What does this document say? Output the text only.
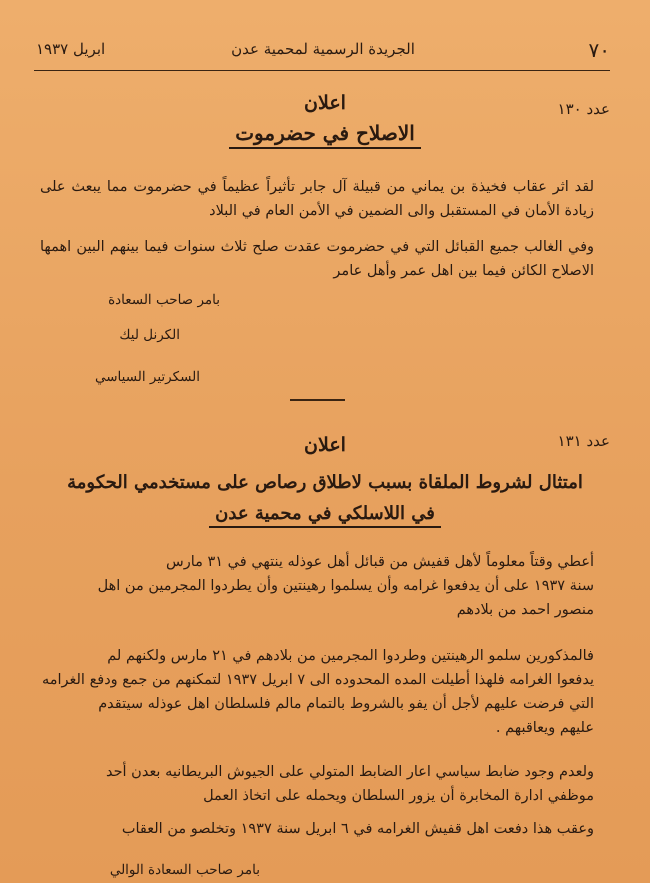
٧٠
الجريدة الرسمية لمحمية عدن
ابريل ١٩٣٧
عدد ١٣٠
اعلان
الاصلاح في حضرموت
لقد اثر عقاب فخيذة بن يماني من قبيلة آل جابر تأثيراً عظيماً في حضرموت مما يبعث على زيادة الأمان في المستقبل والى الضمين في الأمن العام في البلاد
وفي الغالب جميع القبائل التي في حضرموت عقدت صلح ثلاث سنوات فيما بينهم البين اهمها الاصلاح الكائن فيما بين اهل عمر وأهل عامر
بامر صاحب السعادة
الكرنل ليك
السكرتير السياسي
عدد ١٣١
اعلان
امتثال لشروط الملقاة بسبب لاطلاق رصاص على مستخدمي الحكومة
في اللاسلكي في محمية عدن
أعطي وقتاً معلوماً لأهل قفيش من قبائل أهل عوذله ينتهي في ٣١ مارس
سنة ١٩٣٧ على أن يدفعوا غرامه وأن يسلموا رهينتين وأن يطردوا المجرمين من اهل
منصور احمد من بلادهم
فالمذكورين سلمو الرهينتين وطردوا المجرمين من بلادهم في ٢١ مارس ولكنهم لم
يدفعوا الغرامه فلهذا أطيلت المده المحدوده الى ٧ ابريل ١٩٣٧ لتمكنهم من جمع ودفع الغرامه
التي فرضت عليهم لأجل أن يفو بالشروط بالتمام مالم فلسلطان اهل عوذله سيتقدم
عليهم ويعاقبهم .
ولعدم وجود ضابط سياسي اعار الضابط المتولي على الجيوش البريطانيه بعدن أحد
موظفي ادارة المخابرة أن يزور السلطان ويحمله على اتخاذ العمل
وعقب هذا دفعت اهل قفيش الغرامه في ٦ ابريل سنة ١٩٣٧ وتخلصو من العقاب
بامر صاحب السعادة الوالي
